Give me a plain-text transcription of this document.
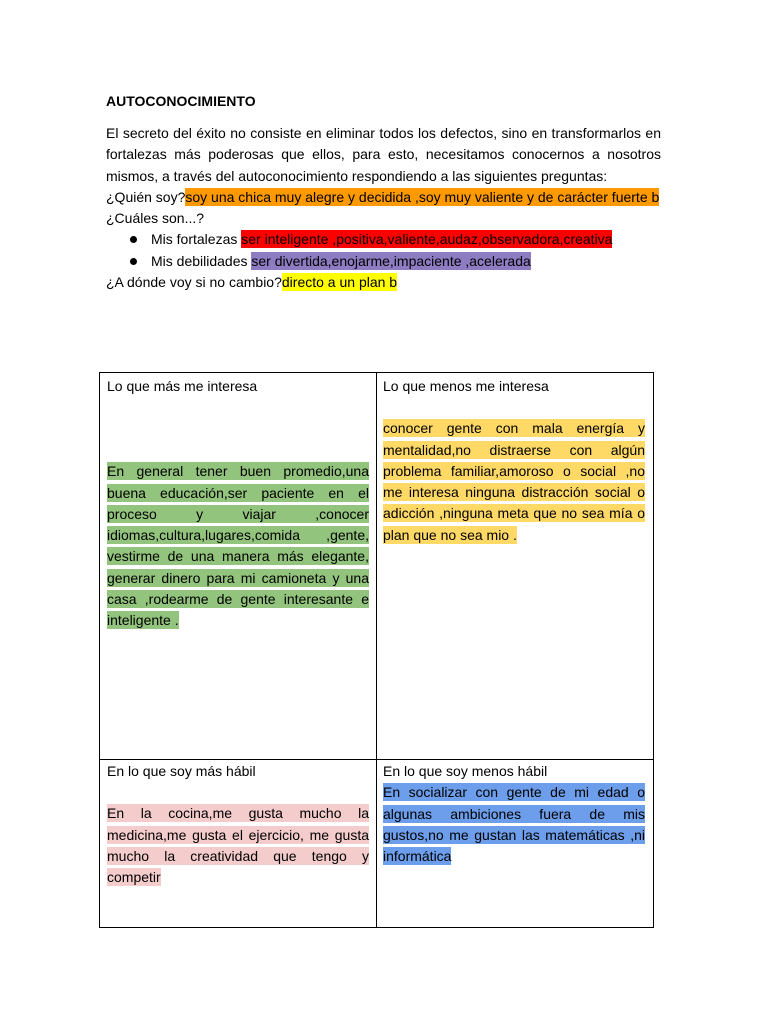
AUTOCONOCIMIENTO

El secreto del éxito no consiste en eliminar todos los defectos, sino en transformarlos en fortalezas más poderosas que ellos, para esto, necesitamos conocernos a nosotros mismos, a través del autoconocimiento respondiendo a las siguientes preguntas:

¿Quién soy?soy una chica muy alegre y decidida ,soy muy valiente y de carácter fuerte b

¿Cuáles son...?

Mis fortalezas ser inteligente ,positiva,valiente,audaz,observadora,creativa
Mis debilidades ser divertida,enojarme,impaciente ,acelerada

¿A dónde voy si no cambio?directo a un plan b

Lo que más me interesa

En general tener buen promedio,una buena educación,ser paciente en el proceso y viajar ,conocer idiomas,cultura,lugares,comida ,gente, vestirme de una manera más elegante, generar dinero para mi camioneta y una casa ,rodearme de gente interesante e inteligente .

Lo que menos me interesa

conocer gente con mala energía y mentalidad,no distraerse con algún problema familiar,amoroso o social ,no me interesa ninguna distracción social o adicción ,ninguna meta que no sea mía o plan que no sea mio .

En lo que soy más hábil

En la cocina,me gusta mucho la medicina,me gusta el ejercicio, me gusta mucho la creatividad que tengo y competir

En lo que soy menos hábil

En socializar con gente de mi edad o algunas ambiciones fuera de mis gustos,no me gustan las matemáticas ,ni informática
